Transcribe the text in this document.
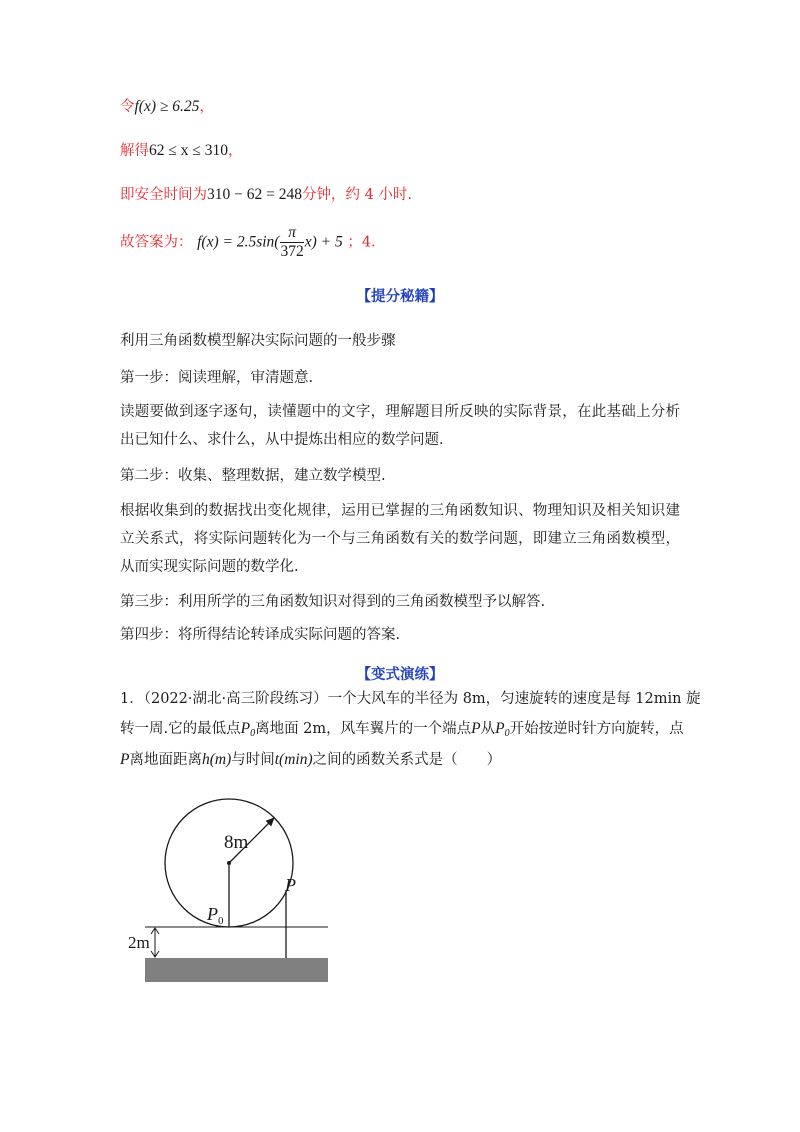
令f(x) ≥ 6.25，
解得62 ≤ x ≤ 310，
即安全时间为310 − 62 = 248分钟，约 4 小时.
故答案为： $f(x) = 2.5\sin( \frac{\pi}{372} x) + 5$ ；4.
【提分秘籍】
利用三角函数模型解决实际问题的一般步骤
第一步：阅读理解，审清题意.
读题要做到逐字逐句，读懂题中的文字，理解题目所反映的实际背景，在此基础上分析出已知什么、求什么，从中提炼出相应的数学问题.
第二步：收集、整理数据，建立数学模型.
根据收集到的数据找出变化规律，运用已掌握的三角函数知识、物理知识及相关知识建立关系式，将实际问题转化为一个与三角函数有关的数学问题，即建立三角函数模型，从而实现实际问题的数学化.
第三步：利用所学的三角函数知识对得到的三角函数模型予以解答.
第四步：将所得结论转译成实际问题的答案.
【变式演练】
1．（2022·湖北·高三阶段练习）一个大风车的半径为 8m，匀速旋转的速度是每 12min 旋
转一周.它的最低点$P_0$离地面 2m，风车翼片的一个端点P从$P_0$开始按逆时针方向旋转，点
P离地面距离h(m)与时间t(min)之间的函数关系式是（　　）
8m
P
$P_0$
2m
